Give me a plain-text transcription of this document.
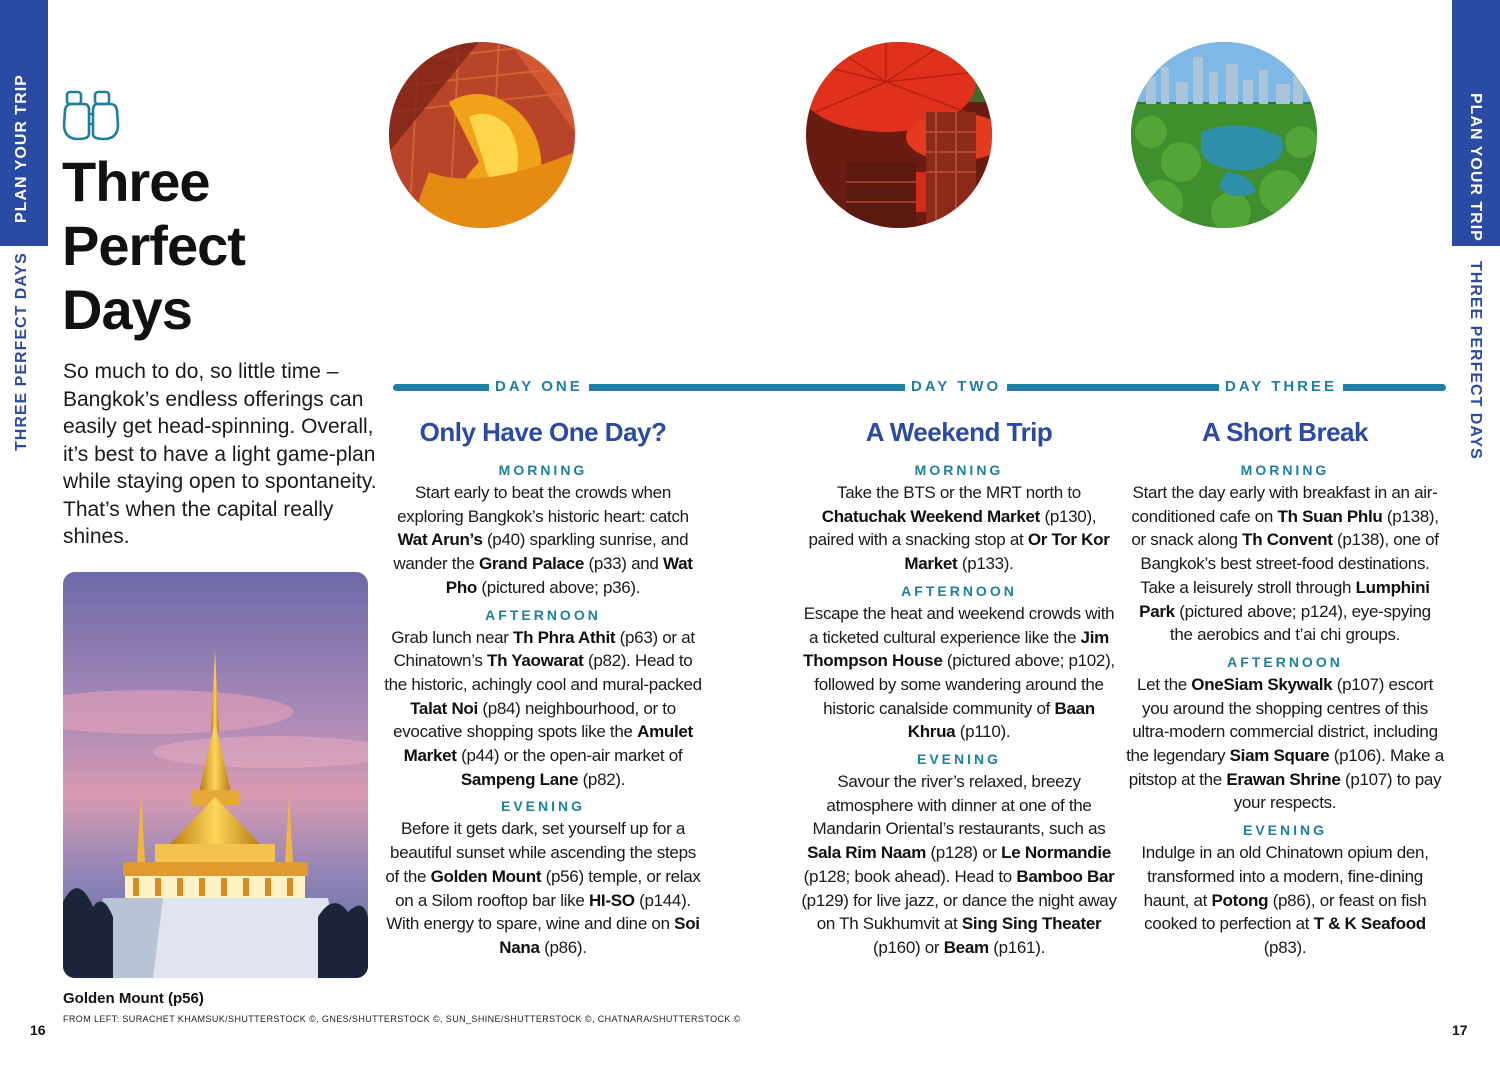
PLAN YOUR TRIP
THREE PERFECT DAYS
PLAN YOUR TRIP
THREE PERFECT DAYS
Three
Perfect
Days
So much to do, so little time – Bangkok’s endless offerings can easily get head-spinning. Overall, it’s best to have a light game-plan while staying open to spontaneity. That’s when the capital really shines.
Golden Mount (p56)
FROM LEFT: SURACHET KHAMSUK/SHUTTERSTOCK ©, GNES/SHUTTERSTOCK ©, SUN_SHINE/SHUTTERSTOCK ©, CHATNARA/SHUTTERSTOCK ©
16	17
DAY ONE	DAY TWO	DAY THREE
Only Have One Day?
MORNING
Start early to beat the crowds when exploring Bangkok’s historic heart: catch Wat Arun’s (p40) sparkling sunrise, and wander the Grand Palace (p33) and Wat Pho (pictured above; p36).
AFTERNOON
Grab lunch near Th Phra Athit (p63) or at Chinatown’s Th Yaowarat (p82). Head to the historic, achingly cool and mural-packed Talat Noi (p84) neighbourhood, or to evocative shopping spots like the Amulet Market (p44) or the open-air market of Sampeng Lane (p82).
EVENING
Before it gets dark, set yourself up for a beautiful sunset while ascending the steps of the Golden Mount (p56) temple, or relax on a Silom rooftop bar like HI-SO (p144). With energy to spare, wine and dine on Soi Nana (p86).
A Weekend Trip
MORNING
Take the BTS or the MRT north to Chatuchak Weekend Market (p130), paired with a snacking stop at Or Tor Kor Market (p133).
AFTERNOON
Escape the heat and weekend crowds with a ticketed cultural experience like the Jim Thompson House (pictured above; p102), followed by some wandering around the historic canalside community of Baan Khrua (p110).
EVENING
Savour the river’s relaxed, breezy atmosphere with dinner at one of the Mandarin Oriental’s restaurants, such as Sala Rim Naam (p128) or Le Normandie (p128; book ahead). Head to Bamboo Bar (p129) for live jazz, or dance the night away on Th Sukhumvit at Sing Sing Theater (p160) or Beam (p161).
A Short Break
MORNING
Start the day early with breakfast in an air-conditioned cafe on Th Suan Phlu (p138), or snack along Th Convent (p138), one of Bangkok’s best street-food destinations. Take a leisurely stroll through Lumphini Park (pictured above; p124), eye-spying the aerobics and t’ai chi groups.
AFTERNOON
Let the OneSiam Skywalk (p107) escort you around the shopping centres of this ultra-modern commercial district, including the legendary Siam Square (p106). Make a pitstop at the Erawan Shrine (p107) to pay your respects.
EVENING
Indulge in an old Chinatown opium den, transformed into a modern, fine-dining haunt, at Potong (p86), or feast on fish cooked to perfection at T & K Seafood (p83).
